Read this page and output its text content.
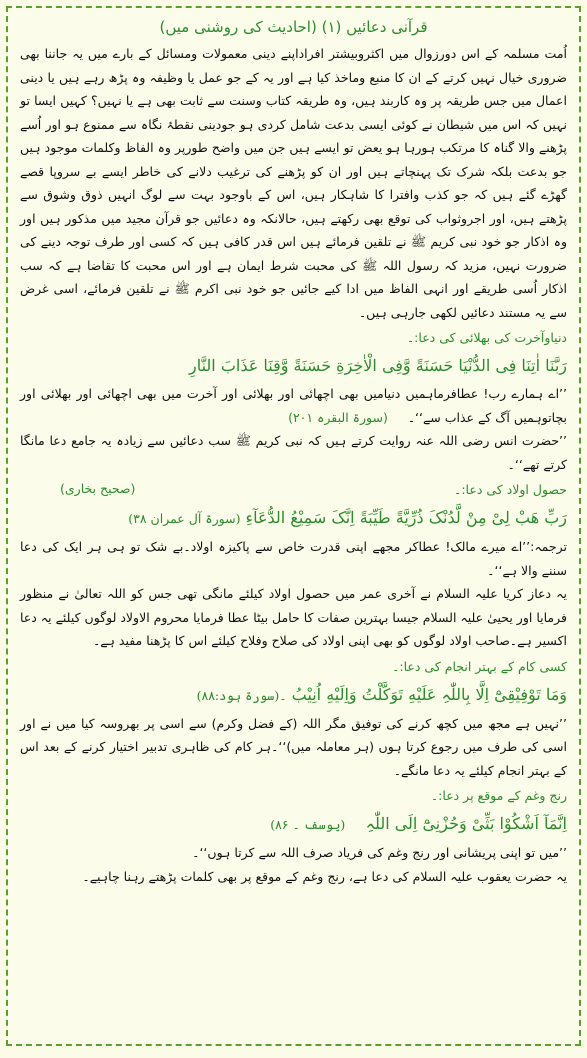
قرآنی دعائیں (۱) (احادیث کی روشنی میں)

اُمت مسلمہ کے اس دورزوال میں اکثروبیشتر افراداپنے دینی معمولات ومسائل کے بارے میں یہ جاننا بھی ضروری خیال نہیں کرتے کے ان کا منبع وماخذ کیا ہے اور یہ کے جو عمل یا وظیفہ وہ پڑھ رہے ہیں یا دینی اعمال میں جس طریقہ پر وہ کاربند ہیں، وہ طریقہ کتاب وسنت سے ثابت بھی ہے یا نہیں؟ کہیں ایسا تو نہیں کہ اس میں شیطان نے کوئی ایسی بدعت شامل کردی ہو جودینی نقطۂ نگاہ سے ممنوع ہو اور اُسے پڑھنے والا گناہ کا مرتکب ہورہا ہو یعض تو ایسے ہیں جن میں واضح طورپر وہ الفاظ وکلمات موجود ہیں جو بدعت بلکہ شرک تک پہنچاتے ہیں اور ان کو پڑھنے کی ترغیب دلانے کی خاطر ایسے بے سروپا قصے گھڑے گئے ہیں کہ جو کذب وافترا کا شاہکار ہیں، اس کے باوجود بہت سے لوگ انہیں ذوق وشوق سے پڑھتے ہیں، اور اجروثواب کی توقع بھی رکھتے ہیں، حالانکہ وہ دعائیں جو قرآن مجید میں مذکور ہیں اور وہ اذکار جو خود نبی کریم ﷺ نے تلقین فرمائے ہیں اس قدر کافی ہیں کہ کسی اور طرف توجہ دینے کی ضرورت نہیں، مزید کہ رسول اللہ ﷺ کی محبت شرط ایمان ہے اور اس محبت کا تقاضا ہے کہ سب اذکار اُسی طریقے اور انہی الفاظ میں ادا کیے جائیں جو خود نبی اکرم ﷺ نے تلقین فرمائے، اسی غرض سے یہ مستند دعائیں لکھی جارہی ہیں۔

دنیاوآخرت کی بھلائی کی دعا:۔

رَبَّنَا اٰتِنَا فِی الدُّنْیَا حَسَنَةً وَّفِی الْاٰخِرَةِ حَسَنَةً وَّقِنَا عَذَابَ النَّارِ

’’اے ہمارے رب! عطافرماہمیں دنیامیں بھی اچھائی اور بھلائی اور آخرت میں بھی اچھائی اور بھلائی اور بچاتوہمیں آگ کے عذاب سے‘‘۔     (سورۃ البقرہ ۲۰۱)

’’حضرت انس رضی اللہ عنہ روایت کرتے ہیں کہ نبی کریم ﷺ سب دعائیں سے زیادہ یہ جامع دعا مانگا کرتے تھے‘‘۔

حصول اولاد کی دعا:۔
(صحیح بخاری)

رَبِّ هَبْ لِیْ مِنْ لَّدُنْکَ ذُرِّیَّةً طَیِّبَةً اِنَّکَ سَمِیْعُ الدُّعَآءِ (سورۃ آل عمران ۳۸)

ترجمہ:’’اے میرے مالک! عطاکر مجھے اپنی قدرت خاص سے پاکیزہ اولاد۔بے شک تو ہی ہر ایک کی دعا سننے والا ہے‘‘۔

یہ دعاز کریا علیہ السلام نے آخری عمر میں حصول اولاد کیلئے مانگی تھی جس کو اللہ تعالیٰ نے منظور فرمایا اور یحییٰ علیہ السلام جیسا بہترین صفات کا حامل بیٹا عطا فرمایا محروم الاولاد لوگوں کیلئے یہ دعا اکسیر ہے۔صاحب اولاد لوگوں کو بھی اپنی اولاد کی صلاح وفلاح کیلئے اس کا پڑھنا مفید ہے۔

کسی کام کے بہتر انجام کی دعا:۔

وَمَا تَوْفِیْقِیْٓ اِلَّا بِاللّٰہِ عَلَیْهِ تَوَکَّلْتُ وَاِلَیْهِ اُنِیْبُ ۔(سورۃ ہود:۸۸)

’’نہیں ہے مجھ میں کچھ کرنے کی توفیق مگر اللہ (کے فضل وکرم) سے اسی پر بھروسہ کیا میں نے اور اسی کی طرف میں رجوع کرتا ہوں (ہر معاملہ میں)‘‘۔ہر کام کی ظاہری تدبیر اختیار کرنے کے بعد اس کے بہتر انجام کیلئے یہ دعا مانگے۔

رنج وغم کے موقع پر دعا:۔

اِنَّمَآ اَشْکُوْا بَثِّیْ وَحُزْنِیْٓ اِلَی اللّٰہِ    (یوسف ۔ ۸۶)

’’میں تو اپنی پریشانی اور رنج وغم کی فریاد صرف اللہ سے کرتا ہوں‘‘۔

یہ حضرت یعقوب علیہ السلام کی دعا ہے، رنج وغم کے موقع پر بھی کلمات پڑھتے رہنا چاہیے۔
